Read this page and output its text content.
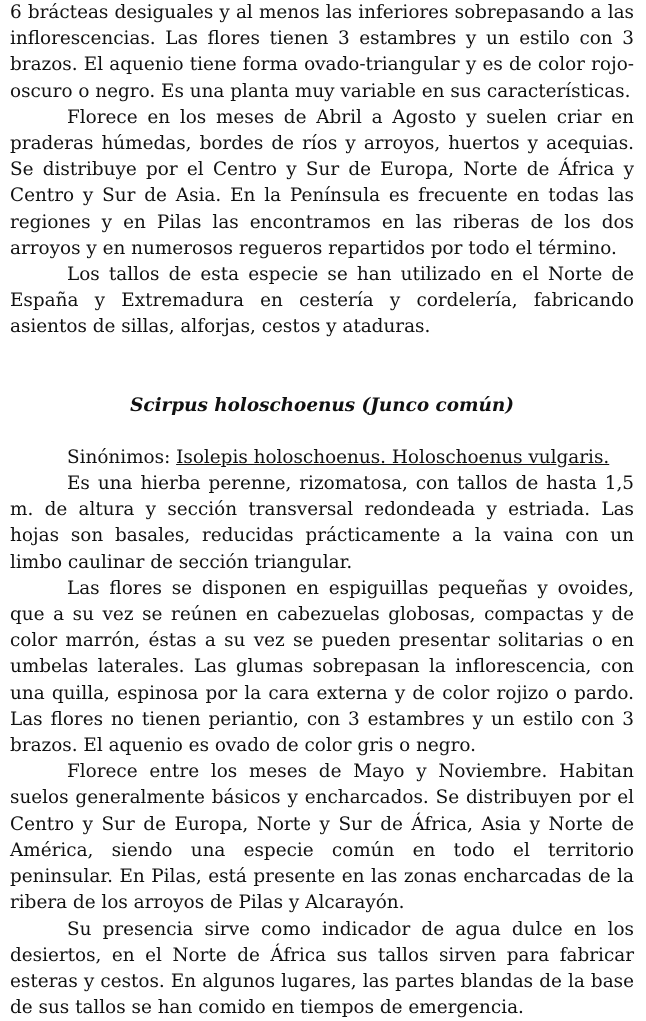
6 brácteas desiguales y al menos las inferiores sobrepasando a las inflorescencias. Las flores tienen 3 estambres y un estilo con 3 brazos. El aquenio tiene forma ovado-triangular y es de color rojo-oscuro o negro. Es una planta muy variable en sus características.

Florece en los meses de Abril a Agosto y suelen criar en praderas húmedas, bordes de ríos y arroyos, huertos y acequias. Se distribuye por el Centro y Sur de Europa, Norte de África y Centro y Sur de Asia. En la Península es frecuente en todas las regiones y en Pilas las encontramos en las riberas de los dos arroyos y en numerosos regueros repartidos por todo el término.

Los tallos de esta especie se han utilizado en el Norte de España y Extremadura en cestería y cordelería, fabricando asientos de sillas, alforjas, cestos y ataduras.

Scirpus holoschoenus (Junco común)

Sinónimos: Isolepis holoschoenus. Holoschoenus vulgaris.

Es una hierba perenne, rizomatosa, con tallos de hasta 1,5 m. de altura y sección transversal redondeada y estriada. Las hojas son basales, reducidas prácticamente a la vaina con un limbo caulinar de sección triangular.

Las flores se disponen en espiguillas pequeñas y ovoides, que a su vez se reúnen en cabezuelas globosas, compactas y de color marrón, éstas a su vez se pueden presentar solitarias o en umbelas laterales. Las glumas sobrepasan la inflorescencia, con una quilla, espinosa por la cara externa y de color rojizo o pardo. Las flores no tienen periantio, con 3 estambres y un estilo con 3 brazos. El aquenio es ovado de color gris o negro.

Florece entre los meses de Mayo y Noviembre. Habitan suelos generalmente básicos y encharcados. Se distribuyen por el Centro y Sur de Europa, Norte y Sur de África, Asia y Norte de América, siendo una especie común en todo el territorio peninsular. En Pilas, está presente en las zonas encharcadas de la ribera de los arroyos de Pilas y Alcarayón.

Su presencia sirve como indicador de agua dulce en los desiertos, en el Norte de África sus tallos sirven para fabricar esteras y cestos. En algunos lugares, las partes blandas de la base de sus tallos se han comido en tiempos de emergencia.
